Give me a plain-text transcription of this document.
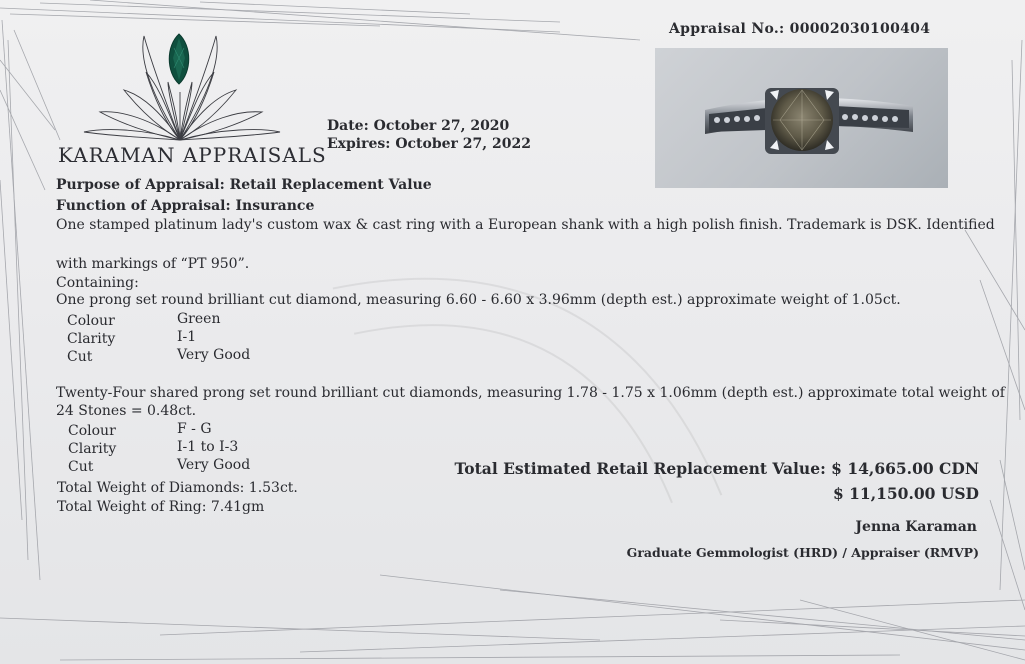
KARAMAN APPRAISALS
Date: October 27, 2020
Expires: October 27, 2022
Appraisal No.: 00002030100404
Purpose of Appraisal: Retail Replacement Value
Function of Appraisal: Insurance
One stamped platinum lady's custom wax & cast ring with a European shank with a high polish finish. Trademark is DSK. Identified
with markings of “PT 950”.
Containing:
One prong set round brilliant cut diamond, measuring 6.60 - 6.60 x 3.96mm (depth est.) approximate weight of 1.05ct.
Colour	Green
Clarity	I-1
Cut	Very Good
Twenty-Four shared prong set round brilliant cut diamonds, measuring 1.78 - 1.75 x 1.06mm (depth est.) approximate total weight of
24 Stones = 0.48ct.
Colour	F - G
Clarity	I-1 to I-3
Cut	Very Good
Total Weight of Diamonds: 1.53ct.
Total Weight of Ring: 7.41gm
Total Estimated Retail Replacement Value: $ 14,665.00 CDN
$ 11,150.00 USD
Jenna Karaman
Graduate Gemmologist (HRD) / Appraiser (RMVP)
